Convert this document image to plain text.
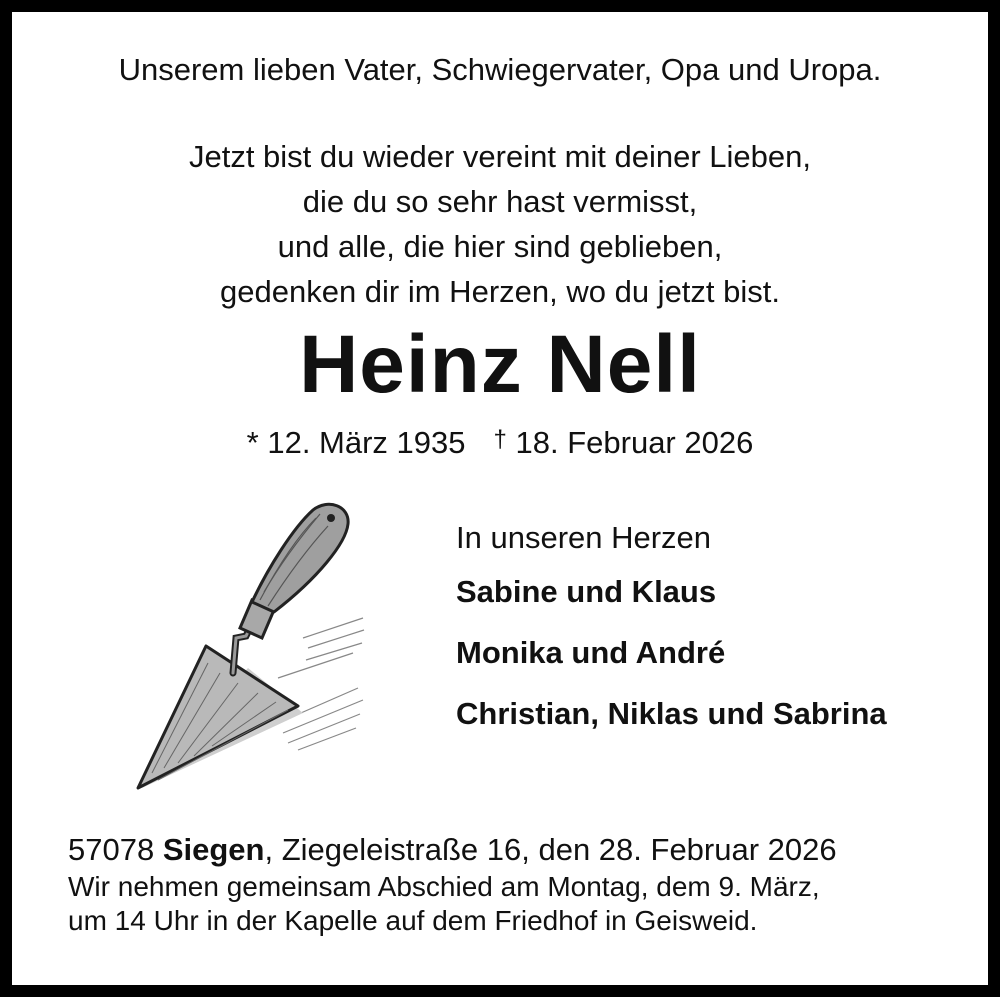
Unserem lieben Vater, Schwiegervater, Opa und Uropa.
Jetzt bist du wieder vereint mit deiner Lieben,
die du so sehr hast vermisst,
und alle, die hier sind geblieben,
gedenken dir im Herzen, wo du jetzt bist.
Heinz Nell
* 12. März 1935 † 18. Februar 2026
In unseren Herzen
Sabine und Klaus
Monika und André
Christian, Niklas und Sabrina
57078 Siegen, Ziegeleistraße 16, den 28. Februar 2026
Wir nehmen gemeinsam Abschied am Montag, dem 9. März,
um 14 Uhr in der Kapelle auf dem Friedhof in Geisweid.
